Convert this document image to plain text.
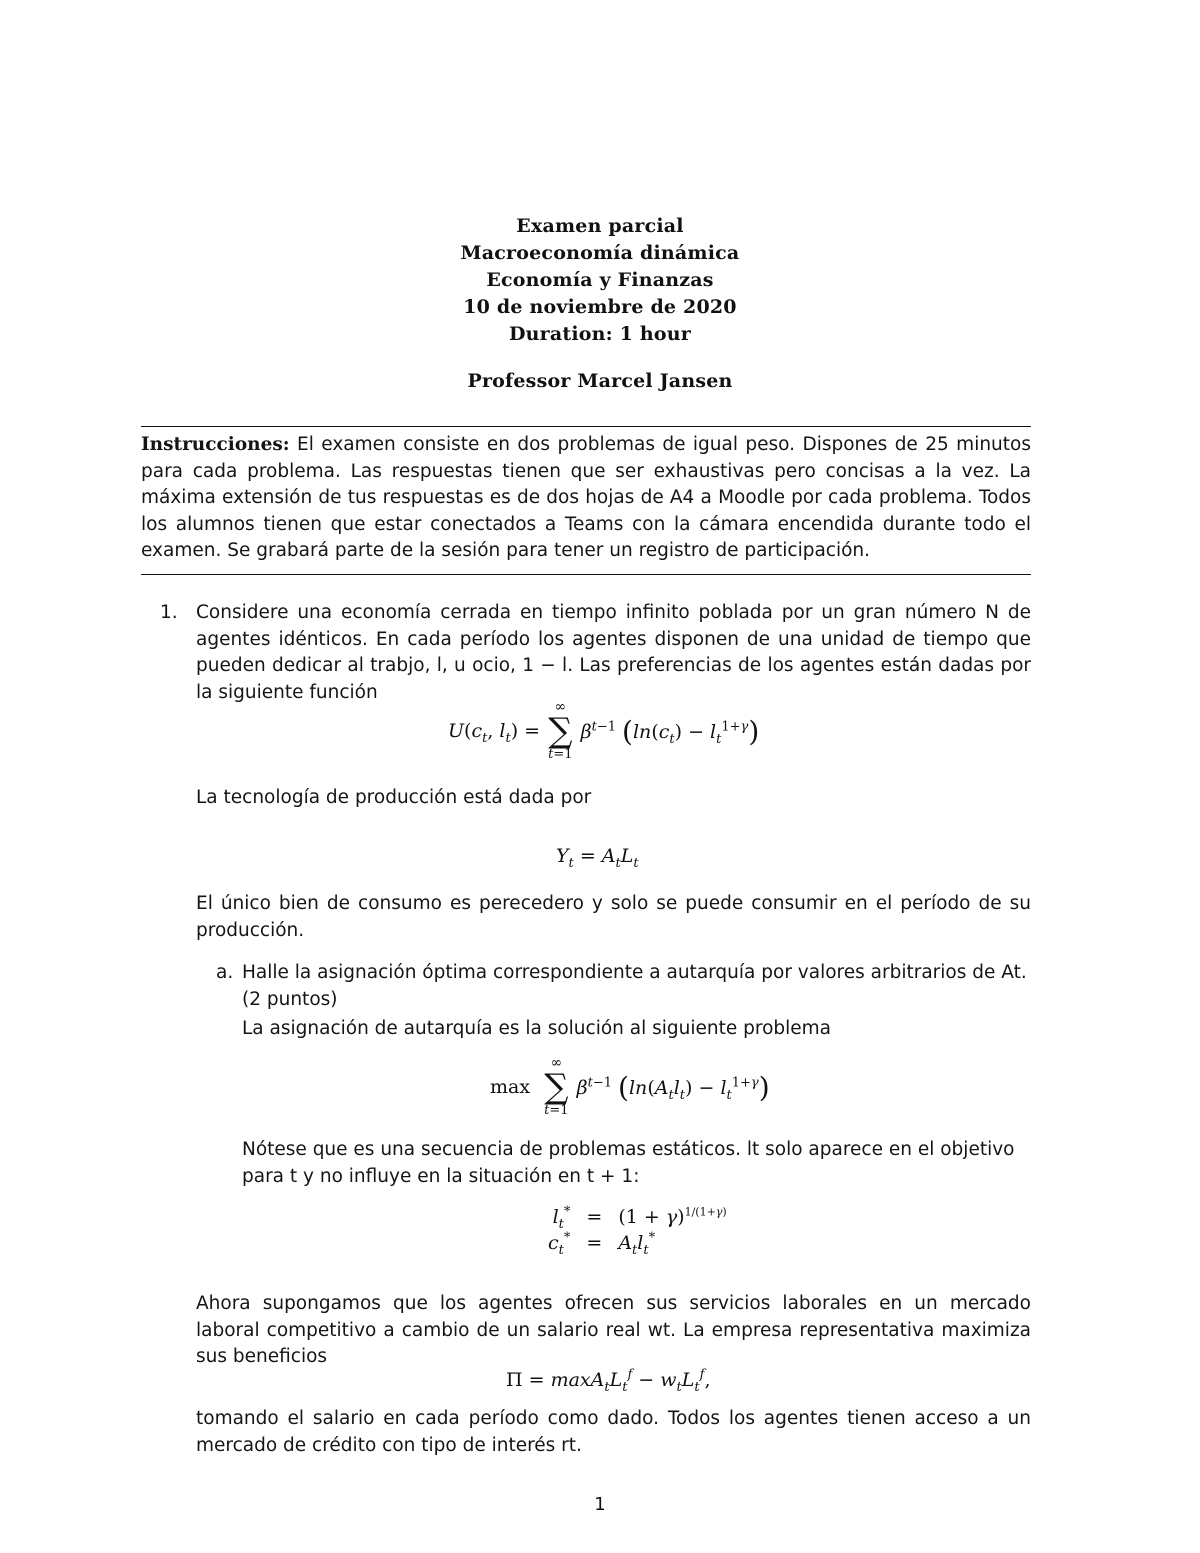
Examen parcial
Macroeconomía dinámica
Economía y Finanzas
10 de noviembre de 2020
Duration: 1 hour
Professor Marcel Jansen
Instrucciones: El examen consiste en dos problemas de igual peso. Dispones de 25 minutos para cada problema. Las respuestas tienen que ser exhaustivas pero concisas a la vez. La máxima extensión de tus respuestas es de dos hojas de A4 a Moodle por cada problema. Todos los alumnos tienen que estar conectados a Teams con la cámara encendida durante todo el examen. Se grabará parte de la sesión para tener un registro de participación.
1. Considere una economía cerrada en tiempo infinito poblada por un gran número N de agentes idénticos. En cada período los agentes disponen de una unidad de tiempo que pueden dedicar al trabjo, l, u ocio, 1 − l. Las preferencias de los agentes están dadas por la siguiente función
$U(c_t$, $l_t$) =
∞
∑
t=1
$\beta^{t-1}$ $(\ln(c_t) - l_t^{1+\gamma})$
La tecnología de producción está dada por
$Y_t = A_tL_t$
El único bien de consumo es perecedero y solo se puede consumir en el período de su producción.
a. Halle la asignación óptima correspondiente a autarquía por valores arbitrarios de At.
(2 puntos)
La asignación de autarquía es la solución al siguiente problema
max
∞
∑
t=1
$\beta^{t-1}$ $(\ln(A_tl_t) - l_t^{1+\gamma})$
Nótese que es una secuencia de problemas estáticos. lt solo aparece en el objetivo
para t y no influye en la situación en t + 1:
$l_t^*$	=	$(1 + \gamma)^{1/(1+\gamma)}$
$c_t^*$	=	$A_tl_t^*$
Ahora supongamos que los agentes ofrecen sus servicios laborales en un mercado laboral competitivo a cambio de un salario real wt. La empresa representativa maximiza sus beneficios
$\Pi = \max A_tL_t^f - w_tL_t^f$,
tomando el salario en cada período como dado. Todos los agentes tienen acceso a un mercado de crédito con tipo de interés rt.
1
